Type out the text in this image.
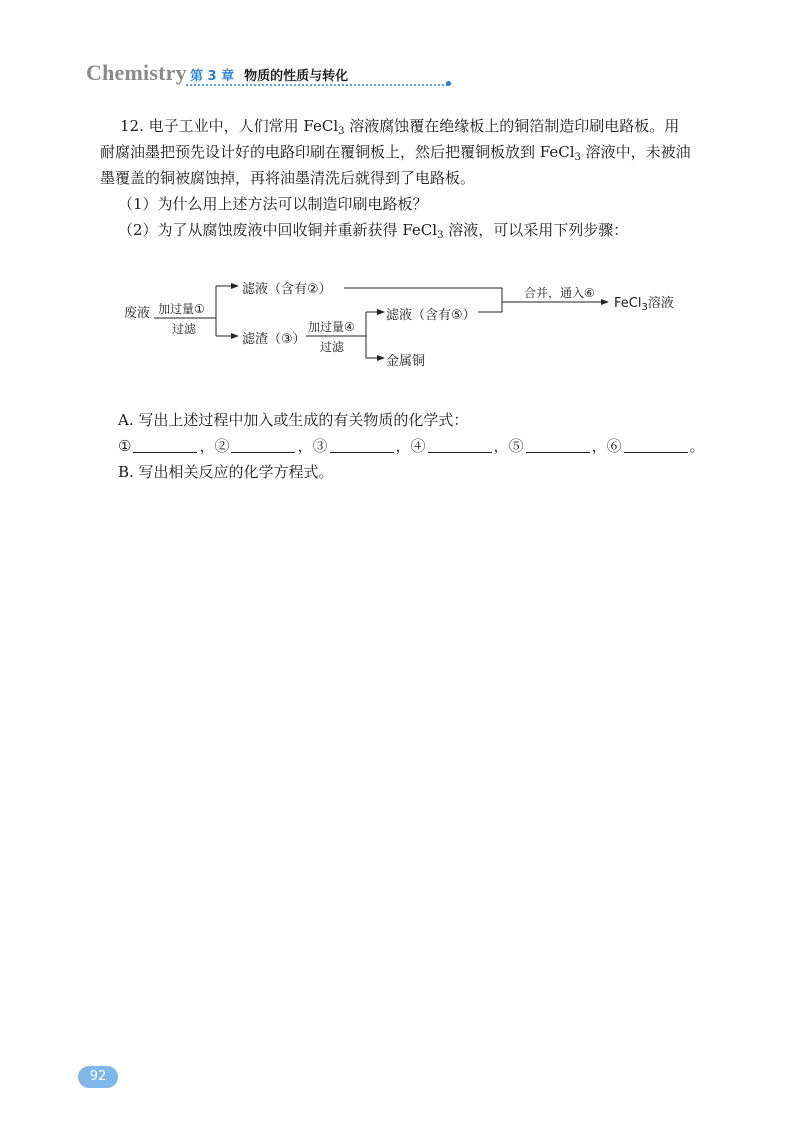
Chemistry 第 3 章 物质的性质与转化
12. 电子工业中，人们常用 FeCl$_3$ 溶液腐蚀覆在绝缘板上的铜箔制造印刷电路板。用
耐腐油墨把预先设计好的电路印刷在覆铜板上，然后把覆铜板放到 FeCl$_3$ 溶液中，未被油
墨覆盖的铜被腐蚀掉，再将油墨清洗后就得到了电路板。
（1）为什么用上述方法可以制造印刷电路板？
（2）为了从腐蚀废液中回收铜并重新获得 FeCl$_3$ 溶液，可以采用下列步骤：
废液 加过量①
过滤
滤液（含有②）
滤渣（③）
加过量④
过滤
滤液（含有⑤）
金属铜
合并，通入⑥
FeCl$_3$溶液
A. 写出上述过程中加入或生成的有关物质的化学式：
①	，②	，③	，④	，⑤	，⑥	。
B. 写出相关反应的化学方程式。
92
